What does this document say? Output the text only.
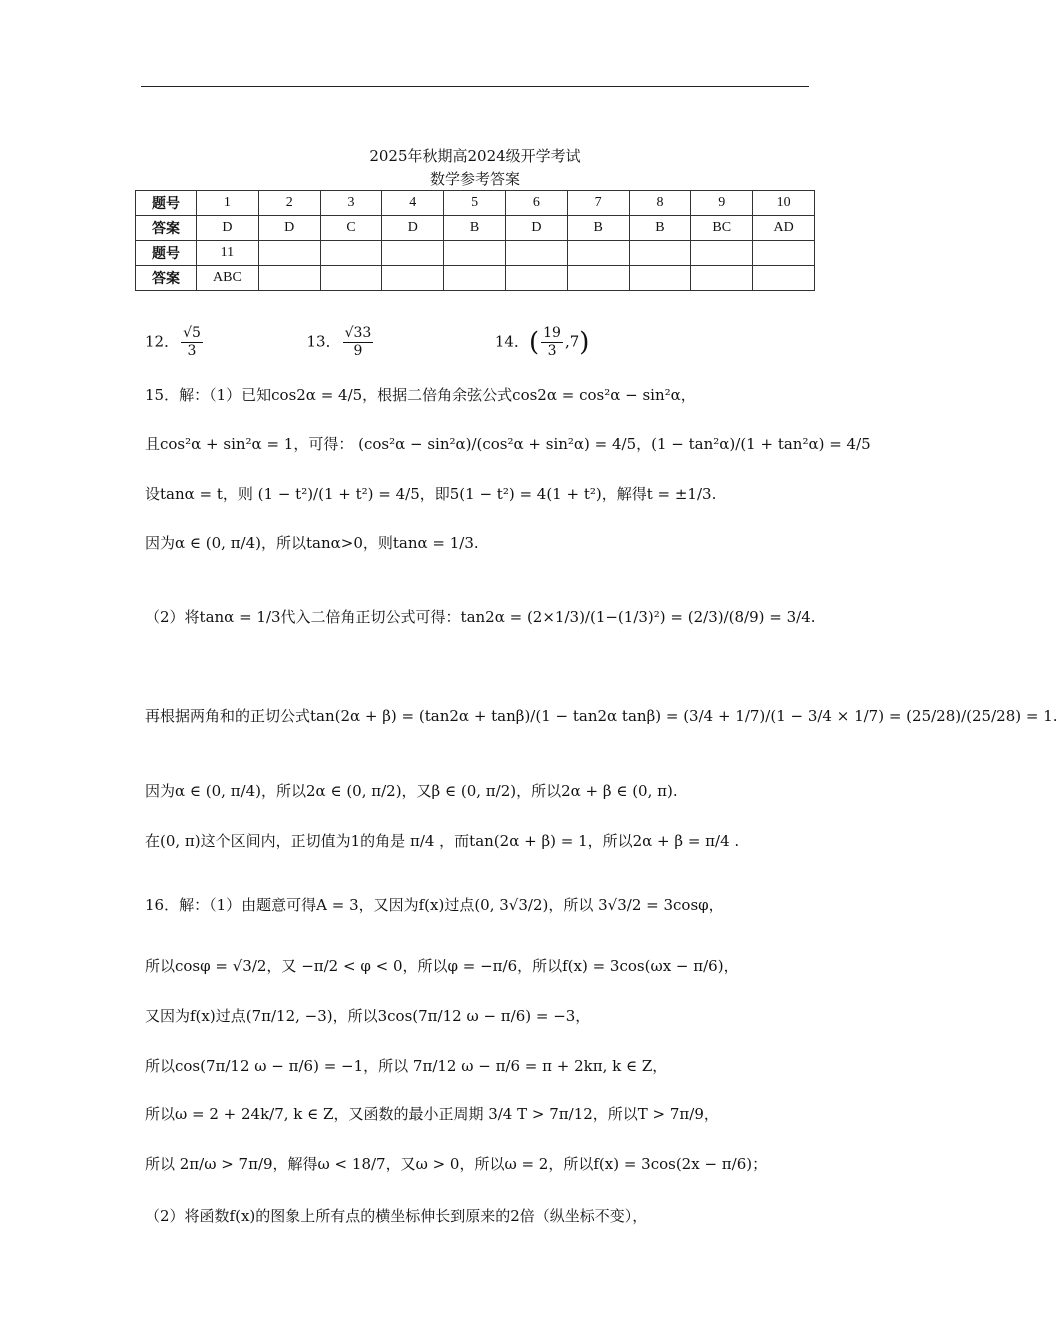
2025年秋期高2024级开学考试
数学参考答案
题号	1	2	3	4	5	6	7	8	9	10
答案	D	D	C	D	B	D	B	B	BC	AD
题号	11									
答案	ABC									
12． $\frac{√5}{3}$	13． $\frac{√33}{9}$	14．( $\frac{19}{3} ,7$)
15．解：（1）已知cos2α = 4/5，根据二倍角余弦公式cos2α = cos²α − sin²α，
且cos²α + sin²α = 1，可得： (cos²α − sin²α)/(cos²α + sin²α) = 4/5，(1 − tan²α)/(1 + tan²α) = 4/5
设tanα = t，则 (1 − t²)/(1 + t²) = 4/5，即5(1 − t²) = 4(1 + t²)，解得t = ±1/3.
因为α ∈ (0, π/4)，所以tanα>0，则tanα = 1/3.
（2）将tanα = 1/3代入二倍角正切公式可得：tan2α = (2×1/3)/(1−(1/3)²) = (2/3)/(8/9) = 3/4.
再根据两角和的正切公式tan(2α + β) = (tan2α + tanβ)/(1 − tan2α tanβ) = (3/4 + 1/7)/(1 − 3/4 × 1/7) = (25/28)/(25/28) = 1.
因为α ∈ (0, π/4)，所以2α ∈ (0, π/2)，又β ∈ (0, π/2)，所以2α + β ∈ (0, π).
在(0, π)这个区间内，正切值为1的角是 π/4 ，而tan(2α + β) = 1，所以2α + β = π/4 .
16．解：（1）由题意可得A = 3，又因为f(x)过点(0, 3√3/2)，所以 3√3/2 = 3cosφ，
所以cosφ = √3/2，又 −π/2 < φ < 0，所以φ = −π/6，所以f(x) = 3cos(ωx − π/6)，
又因为f(x)过点(7π/12, −3)，所以3cos(7π/12 ω − π/6) = −3，
所以cos(7π/12 ω − π/6) = −1，所以 7π/12 ω − π/6 = π + 2kπ, k ∈ Z，
所以ω = 2 + 24k/7, k ∈ Z，又函数的最小正周期 3/4 T > 7π/12，所以T > 7π/9，
所以 2π/ω > 7π/9，解得ω < 18/7，又ω > 0，所以ω = 2，所以f(x) = 3cos(2x − π/6)；
（2）将函数f(x)的图象上所有点的横坐标伸长到原来的2倍（纵坐标不变），
